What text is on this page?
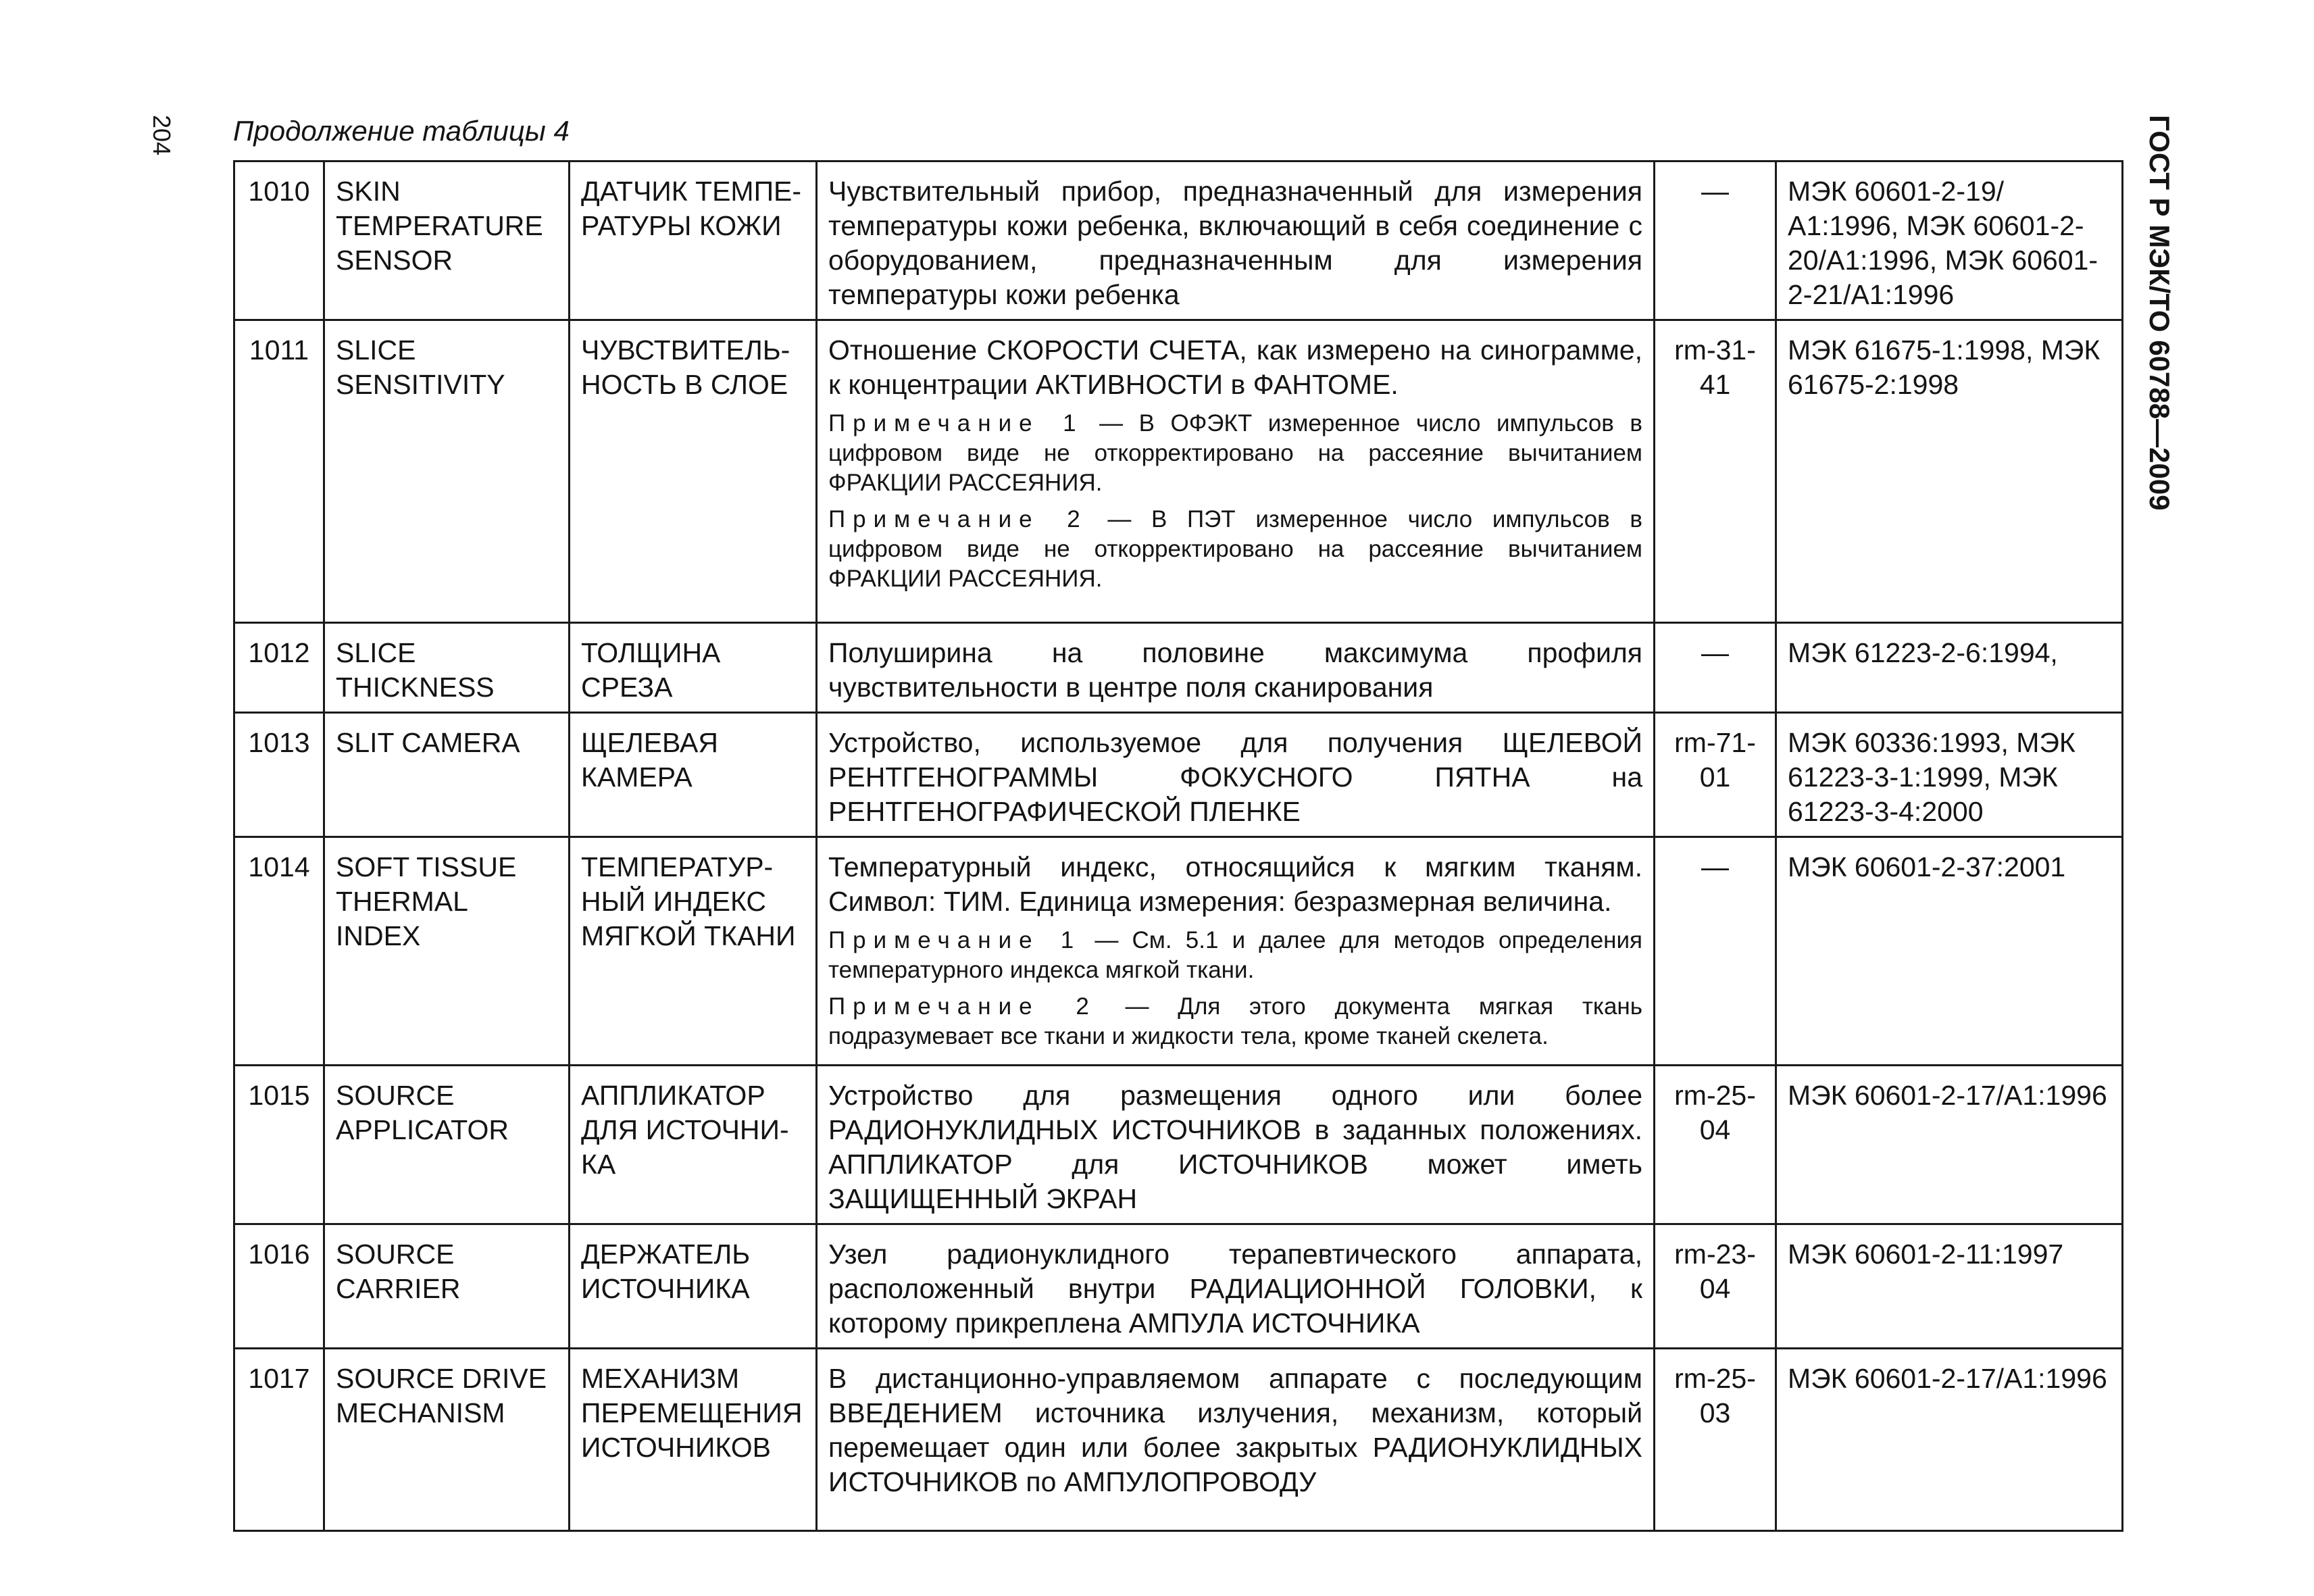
204 Продолжение таблицы 4	ГОСТ Р МЭК/ТО 60788—2009
1010	SKIN TEMPERATURE SENSOR	ДАТЧИК ТЕМПЕ-РАТУРЫ КОЖИ	Чувствительный прибор, предназначенный для измерения температуры кожи ребенка, включающий в себя соединение с оборудованием, предназначенным для измерения температуры кожи ребенка	—	МЭК 60601-2-19/А1:1996, МЭК 60601-2-20/А1:1996, МЭК 60601-2-21/А1:1996
1011	SLICE SENSITIVITY	ЧУВСТВИТЕЛЬ-НОСТЬ В СЛОЕ	Отношение СКОРОСТИ СЧЕТА, как измерено на синограмме, к концентрации АКТИВНОСТИ в ФАНТОМЕ.
Примечание 1 — В ОФЭКТ измеренное число импульсов в цифровом виде не откорректировано на рассеяние вычитанием ФРАКЦИИ РАССЕЯНИЯ.
Примечание 2 — В ПЭТ измеренное число импульсов в цифровом виде не откорректировано на рассеяние вычитанием ФРАКЦИИ РАССЕЯНИЯ.	rm-31-41	МЭК 61675-1:1998, МЭК 61675-2:1998
1012	SLICE THICKNESS	ТОЛЩИНА СРЕЗА	Полуширина на половине максимума профиля чувствительности в центре поля сканирования	—	МЭК 61223-2-6:1994,
1013	SLIT CAMERA	ЩЕЛЕВАЯ КАМЕРА	Устройство, используемое для получения ЩЕЛЕВОЙ РЕНТГЕНОГРАММЫ ФОКУСНОГО ПЯТНА на РЕНТГЕНОГРАФИЧЕСКОЙ ПЛЕНКЕ	rm-71-01	МЭК 60336:1993, МЭК 61223-3-1:1999, МЭК 61223-3-4:2000
1014	SOFT TISSUE THERMAL INDEX	ТЕМПЕРАТУР-НЫЙ ИНДЕКС МЯГКОЙ ТКАНИ	Температурный индекс, относящийся к мягким тканям. Символ: ТИМ. Единица измерения: безразмерная величина.
Примечание 1 — См. 5.1 и далее для методов определения температурного индекса мягкой ткани.
Примечание 2 — Для этого документа мягкая ткань подразумевает все ткани и жидкости тела, кроме тканей скелета.	—	МЭК 60601-2-37:2001
1015	SOURCE APPLICATOR	АППЛИКАТОР ДЛЯ ИСТОЧНИ-КА	Устройство для размещения одного или более РАДИОНУКЛИДНЫХ ИСТОЧНИКОВ в заданных положениях. АППЛИКАТОР для ИСТОЧНИКОВ может иметь ЗАЩИЩЕННЫЙ ЭКРАН	rm-25-04	МЭК 60601-2-17/А1:1996
1016	SOURCE CARRIER	ДЕРЖАТЕЛЬ ИСТОЧНИКА	Узел радионуклидного терапевтического аппарата, расположенный внутри РАДИАЦИОННОЙ ГОЛОВКИ, к которому прикреплена АМПУЛА ИСТОЧНИКА	rm-23-04	МЭК 60601-2-11:1997
1017	SOURCE DRIVE MECHANISM	МЕХАНИЗМ ПЕРЕМЕЩЕНИЯ ИСТОЧНИКОВ	В дистанционно-управляемом аппарате с последующим ВВЕДЕНИЕМ источника излучения, механизм, который перемещает один или более закрытых РАДИОНУКЛИДНЫХ ИСТОЧНИКОВ по АМПУЛОПРОВОДУ	rm-25-03	МЭК 60601-2-17/А1:1996
